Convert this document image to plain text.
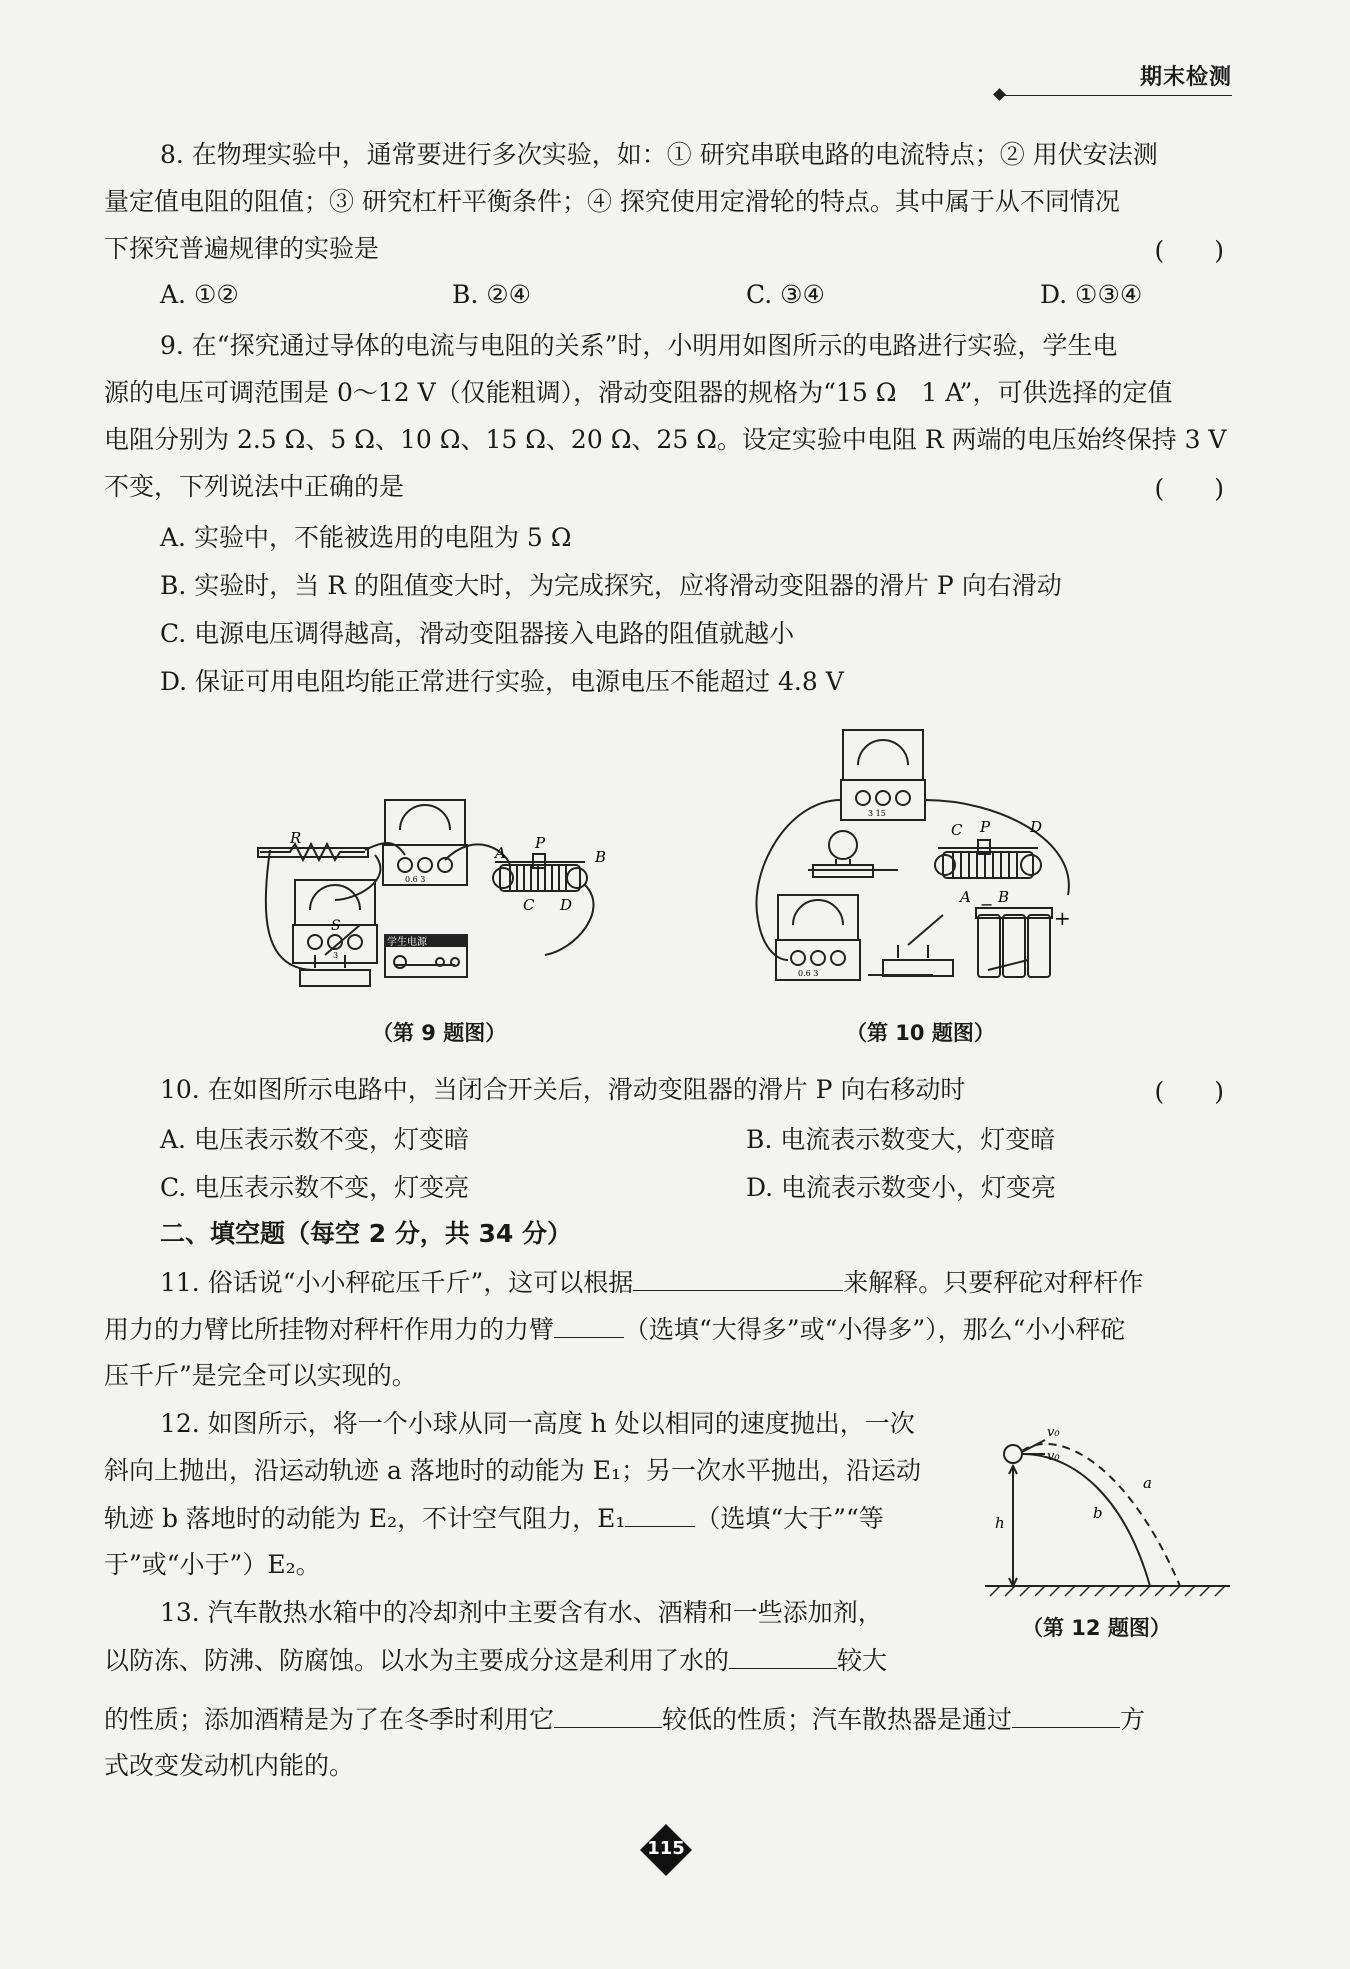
期末检测
8. 在物理实验中，通常要进行多次实验，如：① 研究串联电路的电流特点；② 用伏安法测
量定值电阻的阻值；③ 研究杠杆平衡条件；④ 探究使用定滑轮的特点。其中属于从不同情况
下探究普遍规律的实验是	(　　)
A. ①②	B. ②④	C. ③④	D. ①③④
9. 在“探究通过导体的电流与电阻的关系”时，小明用如图所示的电路进行实验，学生电
源的电压可调范围是 0～12 V（仅能粗调），滑动变阻器的规格为“15 Ω　1 A”，可供选择的定值
电阻分别为 2.5 Ω、5 Ω、10 Ω、15 Ω、20 Ω、25 Ω。设定实验中电阻 R 两端的电压始终保持 3 V
不变，下列说法中正确的是	(　　)
A. 实验中，不能被选用的电阻为 5 Ω
B. 实验时，当 R 的阻值变大时，为完成探究，应将滑动变阻器的滑片 P 向右滑动
C. 电源电压调得越高，滑动变阻器接入电路的阻值就越小
D. 保证可用电阻均能正常进行实验，电源电压不能超过 4.8 V
学生电源
R
A
P
B
C D
S
0.6 3
3
C P	D
A B
−
+
3 15
0.6 3
（第 9 题图）	（第 10 题图）
10. 在如图所示电路中，当闭合开关后，滑动变阻器的滑片 P 向右移动时	(　　)
A. 电压表示数不变，灯变暗	B. 电流表示数变大，灯变暗
C. 电压表示数不变，灯变亮	D. 电流表示数变小，灯变亮
二、填空题（每空 2 分，共 34 分）
11. 俗话说“小小秤砣压千斤”，这可以根据	来解释。只要秤砣对秤杆作
用力的力臂比所挂物对秤杆作用力的力臂	（选填“大得多”或“小得多”），那么“小小秤砣
压千斤”是完全可以实现的。
12. 如图所示，将一个小球从同一高度 h 处以相同的速度抛出，一次
斜向上抛出，沿运动轨迹 a 落地时的动能为 E₁；另一次水平抛出，沿运动
轨迹 b 落地时的动能为 E₂，不计空气阻力，E₁	（选填“大于”“等
于”或“小于”）E₂。
v₀
v₀
a
b
h
（第 12 题图）
13. 汽车散热水箱中的冷却剂中主要含有水、酒精和一些添加剂，
以防冻、防沸、防腐蚀。以水为主要成分这是利用了水的	较大
的性质；添加酒精是为了在冬季时利用它	较低的性质；汽车散热器是通过	方
式改变发动机内能的。
115
